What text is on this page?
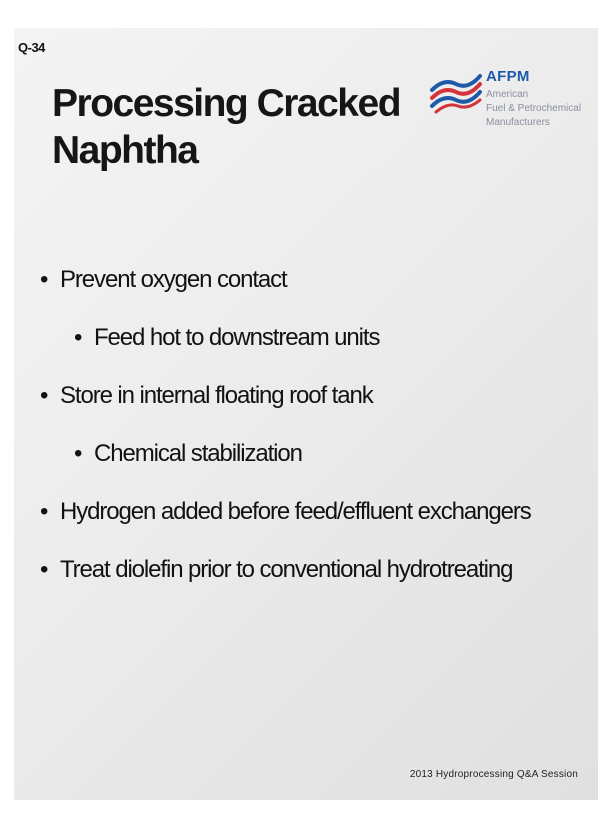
Q-34
Processing Cracked
Naphtha
AFPM
American
Fuel & Petrochemical
Manufacturers
• Prevent oxygen contact
• Feed hot to downstream units
• Store in internal floating roof tank
• Chemical stabilization
• Hydrogen added before feed/effluent exchangers
• Treat diolefin prior to conventional hydrotreating
2013 Hydroprocessing Q&A Session
